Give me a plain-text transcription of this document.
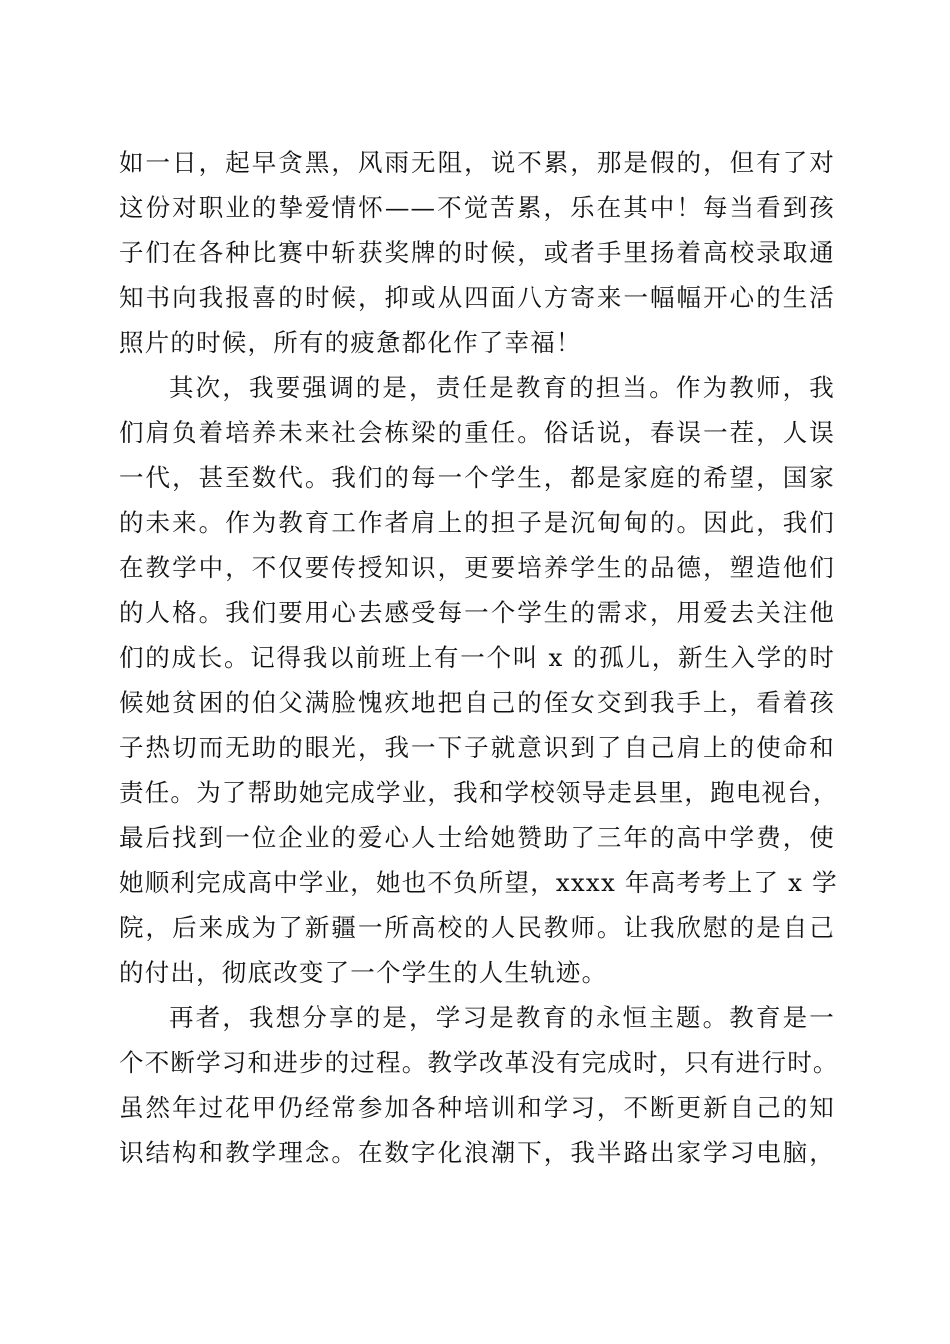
如一日，起早贪黑，风雨无阻，说不累，那是假的，但有了对
这份对职业的挚爱情怀——不觉苦累，乐在其中！每当看到孩
子们在各种比赛中斩获奖牌的时候，或者手里扬着高校录取通
知书向我报喜的时候，抑或从四面八方寄来一幅幅开心的生活
照片的时候，所有的疲惫都化作了幸福！
其次，我要强调的是，责任是教育的担当。作为教师，我
们肩负着培养未来社会栋梁的重任。俗话说，春误一茬，人误
一代，甚至数代。我们的每一个学生，都是家庭的希望，国家
的未来。作为教育工作者肩上的担子是沉甸甸的。因此，我们
在教学中，不仅要传授知识，更要培养学生的品德，塑造他们
的人格。我们要用心去感受每一个学生的需求，用爱去关注他
们的成长。记得我以前班上有一个叫 x 的孤儿，新生入学的时
候她贫困的伯父满脸愧疚地把自己的侄女交到我手上，看着孩
子热切而无助的眼光，我一下子就意识到了自己肩上的使命和
责任。为了帮助她完成学业，我和学校领导走县里，跑电视台，
最后找到一位企业的爱心人士给她赞助了三年的高中学费，使
她顺利完成高中学业，她也不负所望，xxxx 年高考考上了 x 学
院，后来成为了新疆一所高校的人民教师。让我欣慰的是自己
的付出，彻底改变了一个学生的人生轨迹。
再者，我想分享的是，学习是教育的永恒主题。教育是一
个不断学习和进步的过程。教学改革没有完成时，只有进行时。
虽然年过花甲仍经常参加各种培训和学习，不断更新自己的知
识结构和教学理念。在数字化浪潮下，我半路出家学习电脑，
